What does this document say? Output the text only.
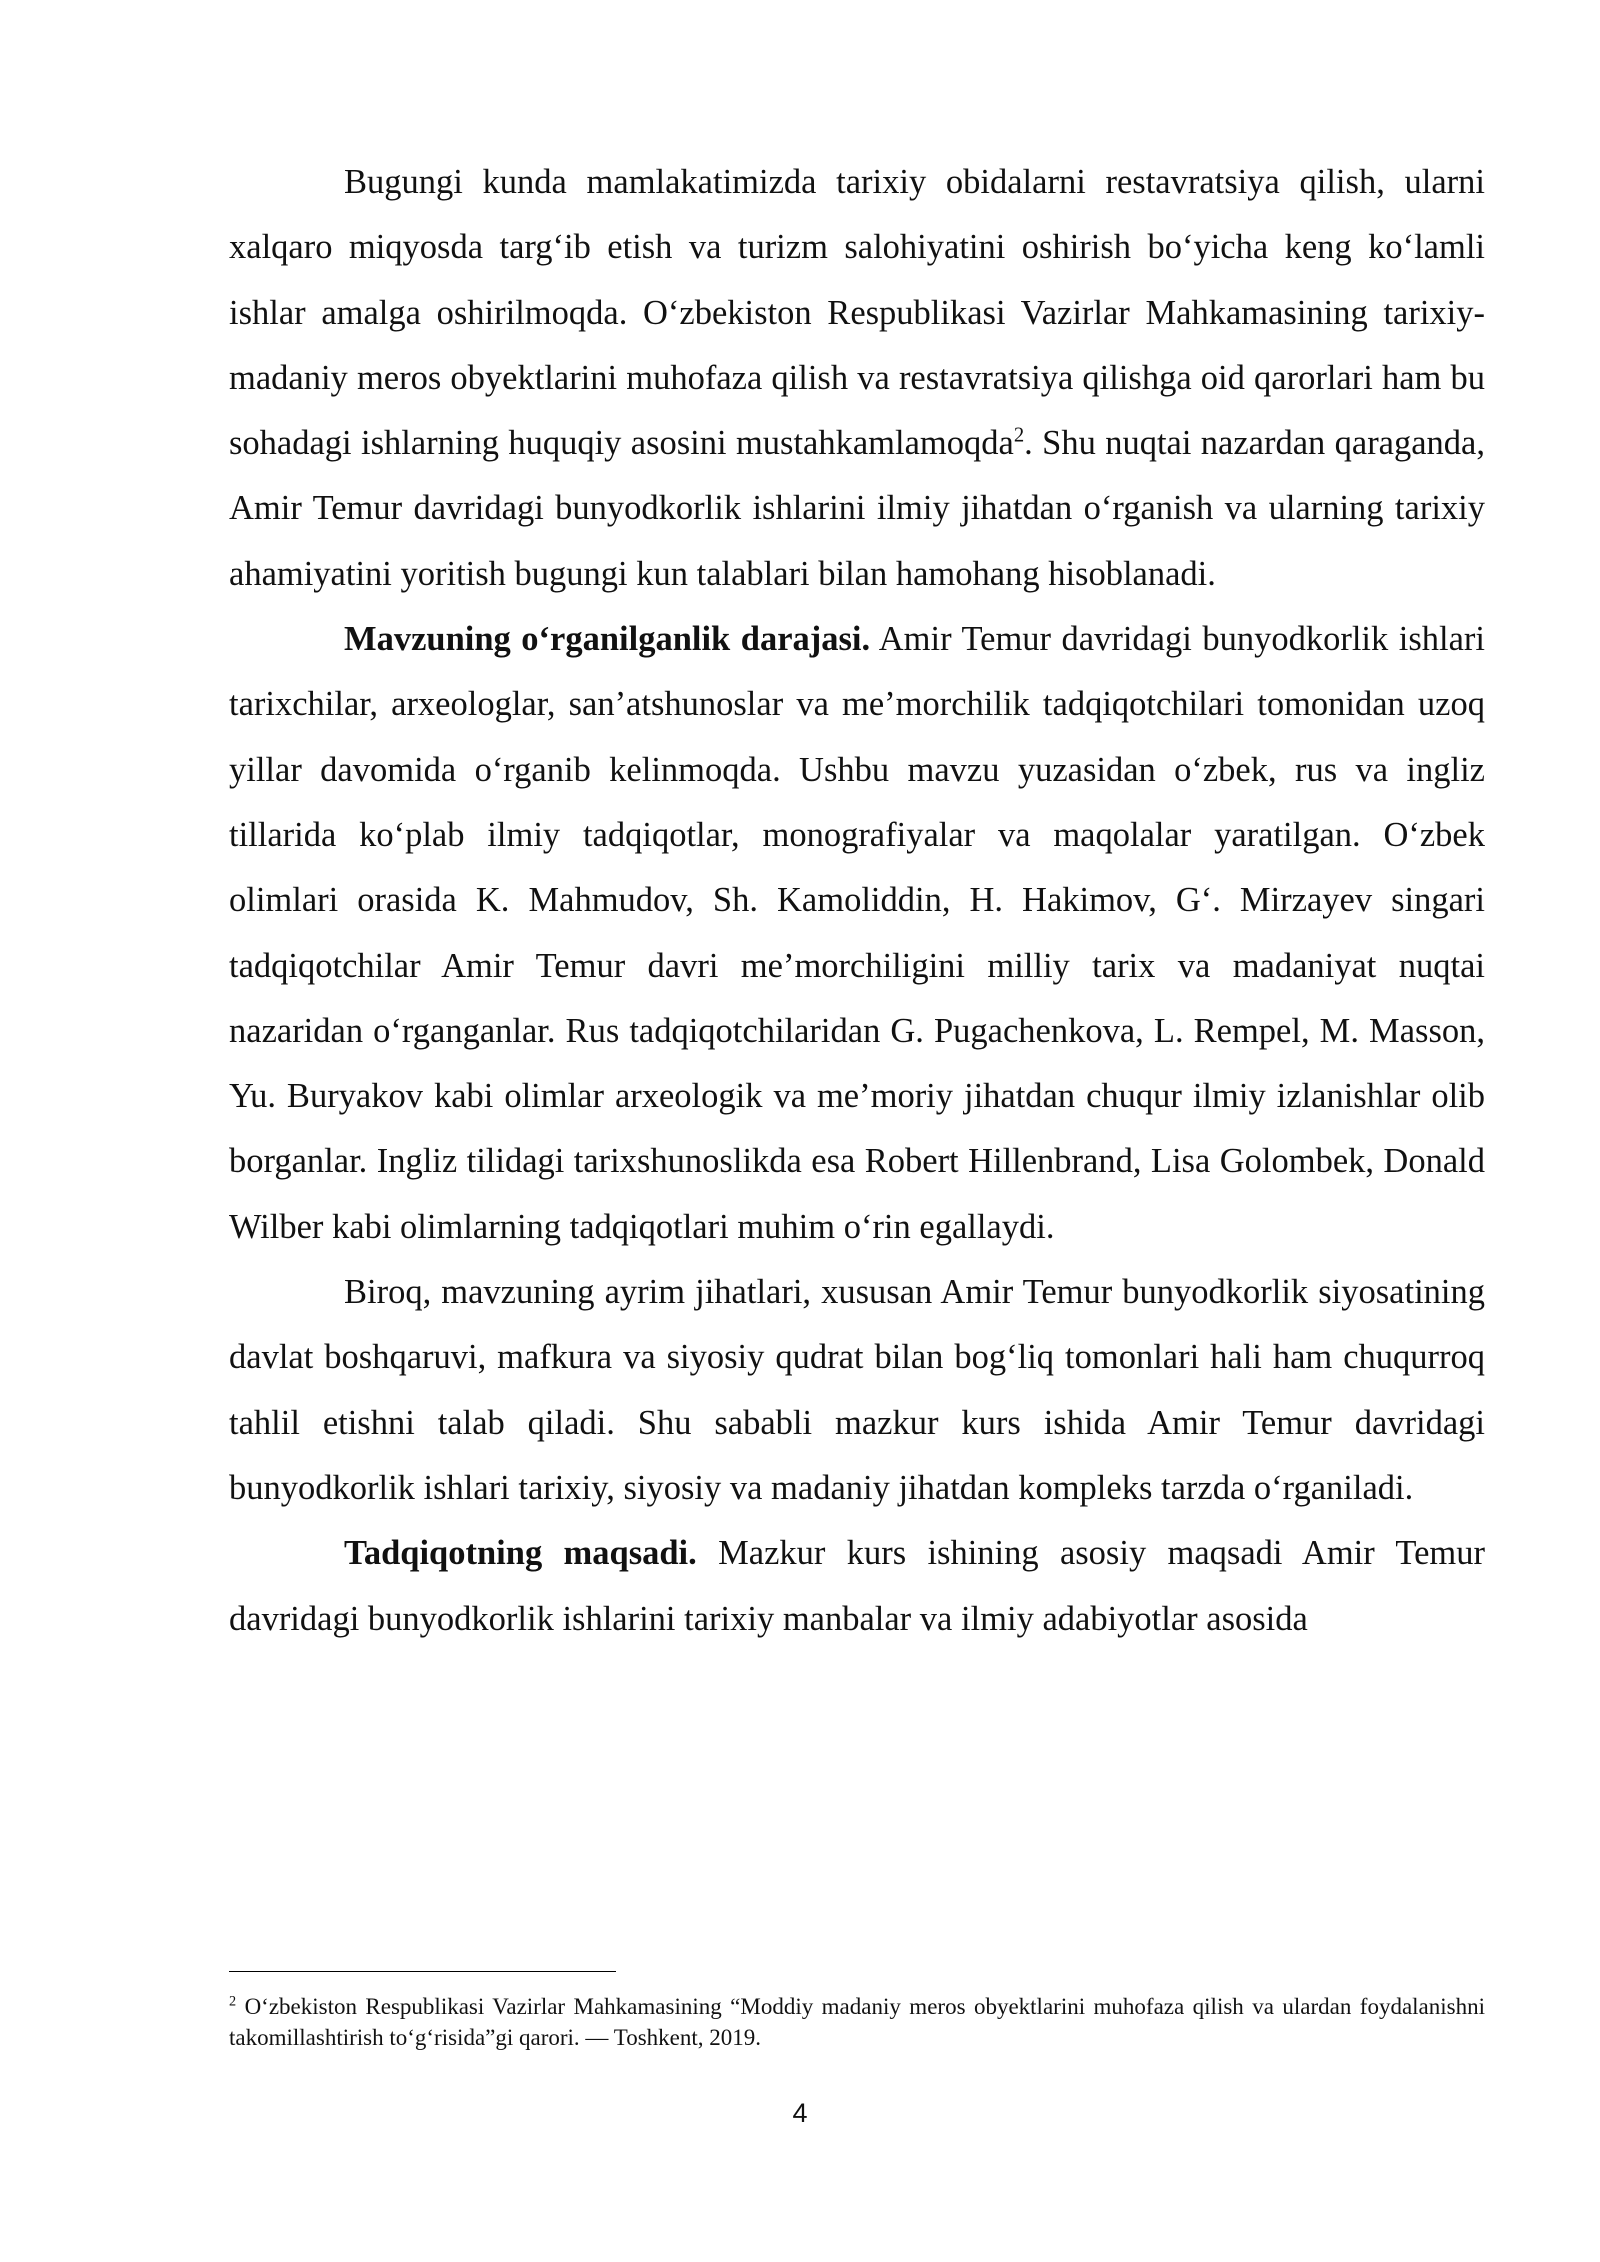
Bugungi kunda mamlakatimizda tarixiy obidalarni restavratsiya qilish, ularni xalqaro miqyosda targ‘ib etish va turizm salohiyatini oshirish bo‘yicha keng ko‘lamli ishlar amalga oshirilmoqda. O‘zbekiston Respublikasi Vazirlar Mahkamasining tarixiy-madaniy meros obyektlarini muhofaza qilish va restavratsiya qilishga oid qarorlari ham bu sohadagi ishlarning huquqiy asosini mustahkamlamoqda$^2$. Shu nuqtai nazardan qaraganda, Amir Temur davridagi bunyodkorlik ishlarini ilmiy jihatdan o‘rganish va ularning tarixiy ahamiyatini yoritish bugungi kun talablari bilan hamohang hisoblanadi.

Mavzuning o‘rganilganlik darajasi. Amir Temur davridagi bunyodkorlik ishlari tarixchilar, arxeologlar, san’atshunoslar va me’morchilik tadqiqotchilari tomonidan uzoq yillar davomida o‘rganib kelinmoqda. Ushbu mavzu yuzasidan o‘zbek, rus va ingliz tillarida ko‘plab ilmiy tadqiqotlar, monografiyalar va maqolalar yaratilgan. O‘zbek olimlari orasida K. Mahmudov, Sh. Kamoliddin, H. Hakimov, G‘. Mirzayev singari tadqiqotchilar Amir Temur davri me’morchiligini milliy tarix va madaniyat nuqtai nazaridan o‘rganganlar. Rus tadqiqotchilaridan G. Pugachenkova, L. Rempel, M. Masson, Yu. Buryakov kabi olimlar arxeologik va me’moriy jihatdan chuqur ilmiy izlanishlar olib borganlar. Ingliz tilidagi tarixshunoslikda esa Robert Hillenbrand, Lisa Golombek, Donald Wilber kabi olimlarning tadqiqotlari muhim o‘rin egallaydi.

Biroq, mavzuning ayrim jihatlari, xususan Amir Temur bunyodkorlik siyosatining davlat boshqaruvi, mafkura va siyosiy qudrat bilan bog‘liq tomonlari hali ham chuqurroq tahlil etishni talab qiladi. Shu sababli mazkur kurs ishida Amir Temur davridagi bunyodkorlik ishlari tarixiy, siyosiy va madaniy jihatdan kompleks tarzda o‘rganiladi.

Tadqiqotning maqsadi. Mazkur kurs ishining asosiy maqsadi Amir Temur davridagi bunyodkorlik ishlarini tarixiy manbalar va ilmiy adabiyotlar asosida

$^2$ O‘zbekiston Respublikasi Vazirlar Mahkamasining “Moddiy madaniy meros obyektlarini muhofaza qilish va ulardan foydalanishni takomillashtirish to‘g‘risida”gi qarori. — Toshkent, 2019.

4
